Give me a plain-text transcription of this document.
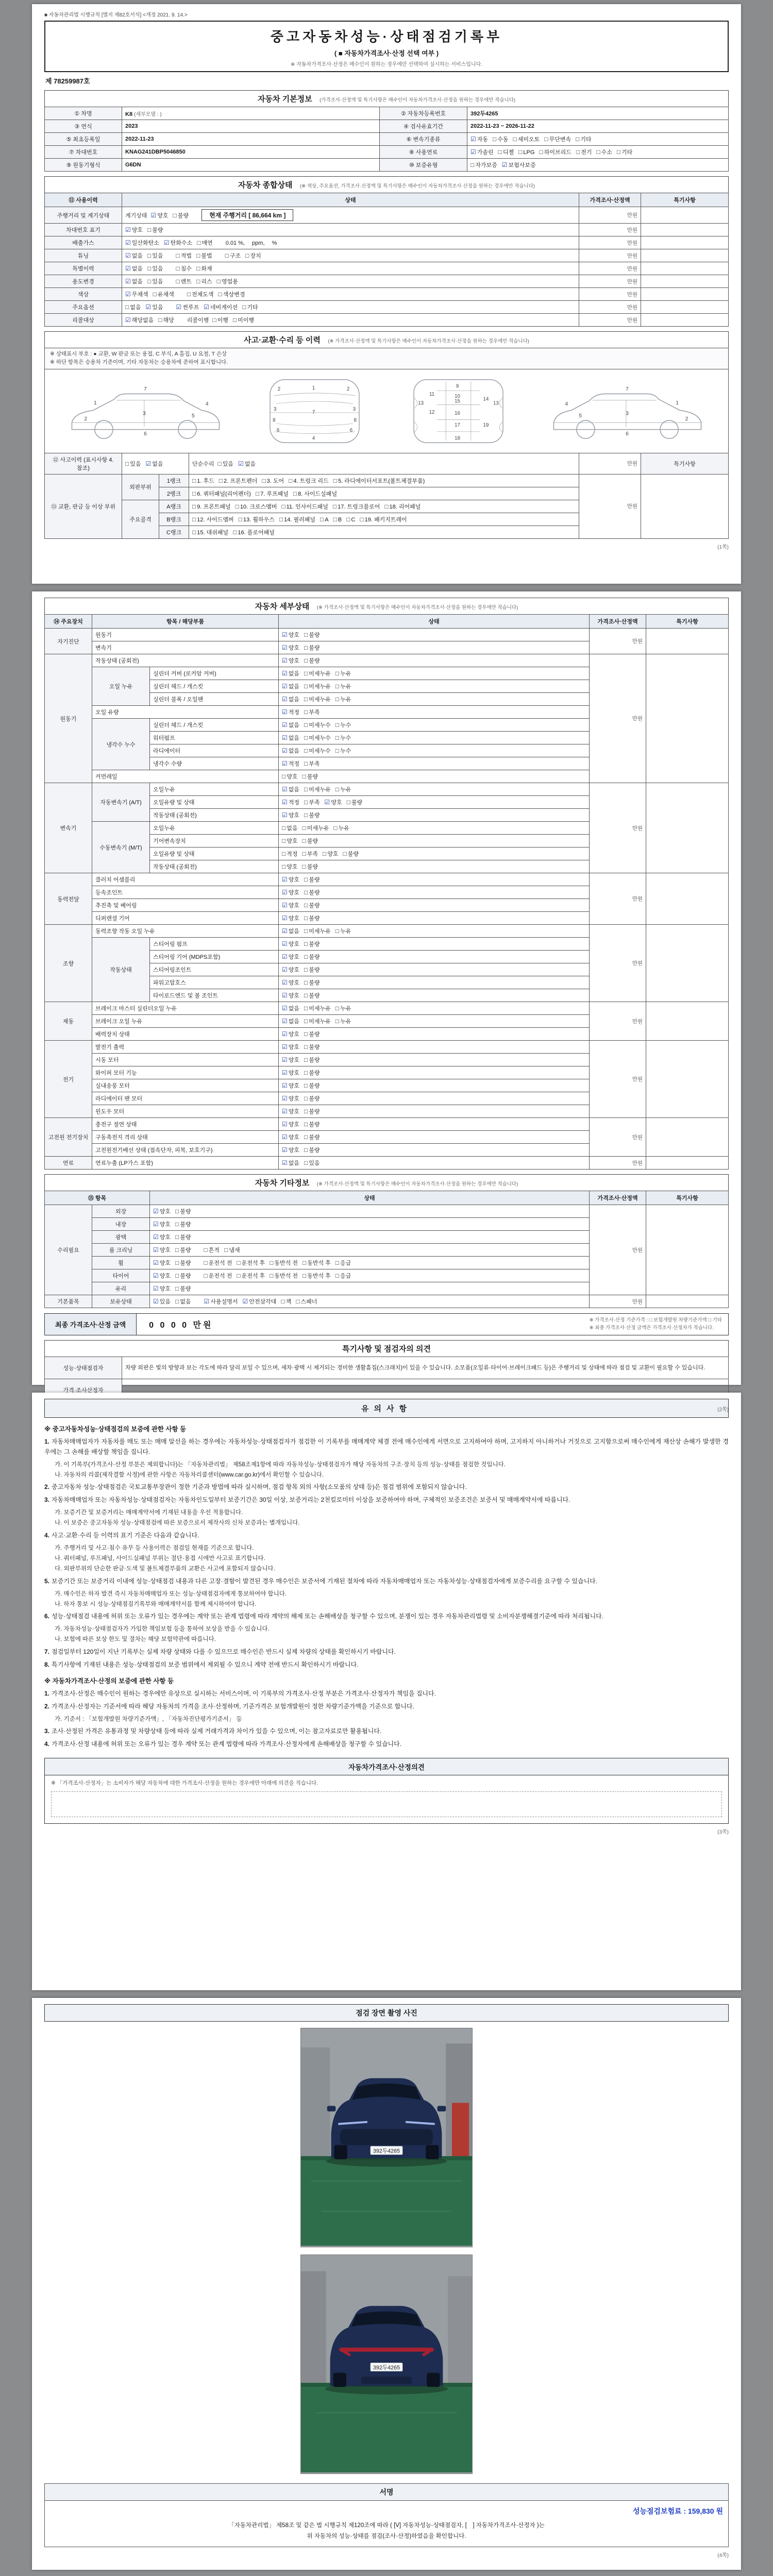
■ 자동차관리법 시행규칙 [별지 제82호서식] <개정 2021. 9. 14.>
중고자동차성능·상태점검기록부
( ■ 자동차가격조사·산정 선택 여부 )
※ 자동차가격조사·산정은 매수인이 원하는 경우에만 선택하여 실시하는 서비스입니다.
제 78259987호
자동차 기본정보 (가격조사·산정액 및 특기사항은 매수인이 자동차가격조사·산정을 원하는 경우에만 적습니다)
① 차명	K8 (세부모델 : )	② 자동차등록번호	392두4265
③ 연식	2023	④ 검사유효기간	2022-11-23 ~ 2026-11-22
⑤ 최초등록일	2022-11-23	⑥ 변속기종류	☑ 자동 □ 수동 □ 세미오토 □ 무단변속 □ 기타
⑦ 차대번호	KNAG241DBP5046850	⑧ 사용연료	☑ 가솔린 □ 디젤 □ LPG □ 하이브리드 □ 전기 □ 수소 □ 기타
⑨ 원동기형식	G6DN	⑩ 보증유형	□ 자가보증 ☑ 보험사보증
자동차 종합상태 (※ 색상, 주요옵션, 가격조사·산정액 및 특기사항은 매수인이 자동차가격조사·산정을 원하는 경우에만 적습니다)
⑪ 사용이력	상태	가격조사·산정액	특기사항
주행거리 및 계기상태	계기상태 ☑ 양호 □ 불량 현재 주행거리 [ 86,664 km ]	만원	
차대번호 표기	☑ 양호 □ 불량	만원	
배출가스	☑ 일산화탄소 ☑ 탄화수소 □ 매연 0.01 %,　 ppm,　 %	만원	
튜닝	☑ 없음 □ 있음 □ 적법 □ 불법 □ 구조 □ 장치	만원	
특별이력	☑ 없음 □ 있음 □ 침수 □ 화재	만원	
용도변경	☑ 없음 □ 있음 □ 렌트 □ 리스 □ 영업용	만원	
색상	☑ 무채색 □ 유채색 □ 전체도색 □ 색상변경	만원	
주요옵션	□ 없음 ☑ 있음 ☑ 썬루프 ☑ 네비게이션 □ 기타	만원	
리콜대상	☑ 해당없음 □ 해당 리콜이행 □ 이행 □ 미이행	만원	
사고·교환·수리 등 이력 (※ 가격조사·산정액 및 특기사항은 매수인이 자동차가격조사·산정을 원하는 경우에만 적습니다)
※ 상태표시 부호 : ● 교환, W 판금 또는 용접, C 부식, A 흠집, U 요철, T 손상
※ 하단 항목은 승용차 기준이며, 기타 자동차는 승용차에 준하여 표시합니다.
1
2
3
4
5
6
7	1
2	2
3	3
7
6	6
4
8	8
9
10
11
12
13	13
14
15
16
17
18
19
1
2
3
4
5
6
7
⑫ 사고이력 (표시사항 4. 참조)	□ 있음 ☑ 없음		단순수리 □ 있음 ☑ 없음	만원	특기사항
⑬ 교환, 판금 등 이상 부위	외판부위	1랭크	□ 1. 후드 □ 2. 프론트펜더 □ 3. 도어 □ 4. 트렁크 리드 □ 5. 라디에이터서포트(볼트체결부품)	만원	
		2랭크	□ 6. 쿼터패널(리어펜더) □ 7. 루프패널 □ 8. 사이드실패널		
	주요골격	A랭크	□ 9. 프론트패널 □ 10. 크로스멤버 □ 11. 인사이드패널 □ 17. 트렁크플로어 □ 18. 리어패널		
		B랭크	□ 12. 사이드멤버 □ 13. 휠하우스 □ 14. 필러패널 □ A □ B □ C □ 19. 패키지트레이		
		C랭크	□ 15. 대쉬패널 □ 16. 플로어패널		
(1쪽)
자동차 세부상태 (※ 가격조사·산정액 및 특기사항은 매수인이 자동차가격조사·산정을 원하는 경우에만 적습니다)
⑭ 주요장치	항목 / 해당부품		상태	가격조사·산정액	특기사항
자기진단	원동기		☑ 양호 □ 불량	만원	
	변속기		☑ 양호 □ 불량		
원동기	작동상태 (공회전)		☑ 양호 □ 불량	만원	
	오일 누유	실린더 커버 (로커암 커버)	☑ 없음 □ 미세누유 □ 누유		
		실린더 헤드 / 개스킷	☑ 없음 □ 미세누유 □ 누유		
		실린더 블록 / 오일팬	☑ 없음 □ 미세누유 □ 누유		
	오일 유량		☑ 적정 □ 부족		
	냉각수 누수	실린더 헤드 / 개스킷	☑ 없음 □ 미세누수 □ 누수		
		워터펌프	☑ 없음 □ 미세누수 □ 누수		
		라디에이터	☑ 없음 □ 미세누수 □ 누수		
		냉각수 수량	☑ 적정 □ 부족		
	커먼레일		□ 양호 □ 불량		
변속기	자동변속기 (A/T)	오일누유	☑ 없음 □ 미세누유 □ 누유	만원	
		오일유량 및 상태	☑ 적정 □ 부족 ☑ 양호 □ 불량		
		작동상태 (공회전)	☑ 양호 □ 불량		
	수동변속기 (M/T)	오일누유	□ 없음 □ 미세누유 □ 누유		
		기어변속장치	□ 양호 □ 불량		
		오일유량 및 상태	□ 적정 □ 부족 □ 양호 □ 불량		
		작동상태 (공회전)	□ 양호 □ 불량		
동력전달	클러치 어셈블리		☑ 양호 □ 불량	만원	
	등속조인트		☑ 양호 □ 불량		
	추진축 및 베어링		☑ 양호 □ 불량		
	디퍼렌셜 기어		☑ 양호 □ 불량		
조향	동력조향 작동 오일 누유		☑ 없음 □ 미세누유 □ 누유	만원	
	작동상태	스티어링 펌프	☑ 양호 □ 불량		
		스티어링 기어 (MDPS포함)	☑ 양호 □ 불량		
		스티어링조인트	☑ 양호 □ 불량		
		파워고압호스	☑ 양호 □ 불량		
		타이로드엔드 및 볼 조인트	☑ 양호 □ 불량		
제동	브레이크 마스터 실린더오일 누유		☑ 없음 □ 미세누유 □ 누유	만원	
	브레이크 오일 누유		☑ 없음 □ 미세누유 □ 누유		
	배력장치 상태		☑ 양호 □ 불량		
전기	발전기 출력		☑ 양호 □ 불량	만원	
	시동 모터		☑ 양호 □ 불량		
	와이퍼 모터 기능		☑ 양호 □ 불량		
	실내송풍 모터		☑ 양호 □ 불량		
	라디에이터 팬 모터		☑ 양호 □ 불량		
	윈도우 모터		☑ 양호 □ 불량		
고전원 전기장치	충전구 절연 상태		☑ 양호 □ 불량	만원	
	구동축전지 격리 상태		☑ 양호 □ 불량		
	고전원전기배선 상태 (접속단자, 피복, 보호기구)		☑ 양호 □ 불량		
연료	연료누출 (LP가스 포함)		☑ 없음 □ 있음	만원	
자동차 기타정보 (※ 가격조사·산정액 및 특기사항은 매수인이 자동차가격조사·산정을 원하는 경우에만 적습니다)
⑮ 항목		상태	가격조사·산정액	특기사항
수리필요	외장	☑ 양호 □ 불량	만원	
	내장	☑ 양호 □ 불량		
	광택	☑ 양호 □ 불량		
	룸 크리닝	☑ 양호 □ 불량 □ 흔적 □ 냄새		
	휠	☑ 양호 □ 불량 □ 운전석 전 □ 운전석 후 □ 동반석 전 □ 동반석 후 □ 응급		
	타이어	☑ 양호 □ 불량 □ 운전석 전 □ 운전석 후 □ 동반석 전 □ 동반석 후 □ 응급		
	유리	☑ 양호 □ 불량		
기본품목	보유상태	☑ 있음 □ 없음 ☑ 사용설명서 ☑ 안전삼각대 □ 잭 □ 스패너	만원	
최종 가격조사·산정 금액	0 0 0 0 만원
※ 가격조사·산정 기준가격 : □ 보험개발원 차량기준가액 □ 기타
※ 최종 가격조사·산정 금액은 가격조사·산정자가 적습니다.
특기사항 및 점검자의 의견
성능·상태점검자	차량 외판은 빛의 방향과 보는 각도에 따라 달리 보일 수 있으며, 세차·광택 시 제거되는 경미한 생활흠집(스크래치)이 있을 수 있습니다. 소모품(오일류·타이어·브레이크패드 등)은 주행거리 및 상태에 따라 점검 및 교환이 필요할 수 있습니다.
가격·조사산정자	
(2쪽)
유의사항
※ 중고자동차성능·상태점검의 보증에 관한 사항 등
1. 자동차매매업자가 자동차를 매도 또는 매매 알선을 하는 경우에는 자동차성능·상태점검자가 점검한 이 기록부를 매매계약 체결 전에 매수인에게 서면으로 고지하여야 하며, 고지하지 아니하거나 거짓으로 고지함으로써 매수인에게 재산상 손해가 발생한 경우에는 그 손해를 배상할 책임을 집니다.
가. 이 기록부(가격조사·산정 부분은 제외합니다)는 「자동차관리법」 제58조제1항에 따라 자동차성능·상태점검자가 해당 자동차의 구조·장치 등의 성능·상태를 점검한 것입니다.
나. 자동차의 리콜(제작결함 시정)에 관한 사항은 자동차리콜센터(www.car.go.kr)에서 확인할 수 있습니다.
2. 중고자동차 성능·상태점검은 국토교통부장관이 정한 기준과 방법에 따라 실시하며, 점검 항목 외의 사항(소모품의 상태 등)은 점검 범위에 포함되지 않습니다.
3. 자동차매매업자 또는 자동차성능·상태점검자는 자동차인도일부터 보증기간은 30일 이상, 보증거리는 2천킬로미터 이상을 보증하여야 하며, 구체적인 보증조건은 보증서 및 매매계약서에 따릅니다.
가. 보증기간 및 보증거리는 매매계약서에 기재된 내용을 우선 적용합니다.
나. 이 보증은 중고자동차 성능·상태점검에 따른 보증으로서 제작사의 신차 보증과는 별개입니다.
4. 사고·교환·수리 등 이력의 표기 기준은 다음과 같습니다.
가. 주행거리 및 사고·침수 유무 등 사용이력은 점검일 현재를 기준으로 합니다.
나. 쿼터패널, 루프패널, 사이드실패널 부위는 절단·용접 시에만 사고로 표기합니다.
다. 외판부위의 단순한 판금·도색 및 볼트체결부품의 교환은 사고에 포함되지 않습니다.
5. 보증기간 또는 보증거리 이내에 성능·상태점검 내용과 다른 고장·결함이 발견된 경우 매수인은 보증서에 기재된 절차에 따라 자동차매매업자 또는 자동차성능·상태점검자에게 보증수리를 요구할 수 있습니다.
가. 매수인은 하자 발견 즉시 자동차매매업자 또는 성능·상태점검자에게 통보하여야 합니다.
나. 하자 통보 시 성능·상태점검기록부와 매매계약서를 함께 제시하여야 합니다.
6. 성능·상태점검 내용에 허위 또는 오류가 있는 경우에는 계약 또는 관계 법령에 따라 계약의 해제 또는 손해배상을 청구할 수 있으며, 분쟁이 있는 경우 자동차관리법령 및 소비자분쟁해결기준에 따라 처리됩니다.
가. 자동차성능·상태점검자가 가입한 책임보험 등을 통하여 보상을 받을 수 있습니다.
나. 보험에 따른 보상 한도 및 절차는 해당 보험약관에 따릅니다.
7. 점검일부터 120일이 지난 기록부는 실제 차량 상태와 다를 수 있으므로 매수인은 반드시 실제 차량의 상태를 확인하시기 바랍니다.
8. 특기사항에 기재된 내용은 성능·상태점검의 보증 범위에서 제외될 수 있으니 계약 전에 반드시 확인하시기 바랍니다.
※ 자동차가격조사·산정의 보증에 관한 사항 등
1. 가격조사·산정은 매수인이 원하는 경우에만 유상으로 실시하는 서비스이며, 이 기록부의 가격조사·산정 부분은 가격조사·산정자가 책임을 집니다.
2. 가격조사·산정자는 기준서에 따라 해당 자동차의 가격을 조사·산정하며, 기준가격은 보험개발원이 정한 차량기준가액을 기준으로 합니다.
가. 기준서 : 「보험개발원 차량기준가액」, 「자동차진단평가기준서」 등
3. 조사·산정된 가격은 유통과정 및 차량상태 등에 따라 실제 거래가격과 차이가 있을 수 있으며, 이는 참고자료로만 활용됩니다.
4. 가격조사·산정 내용에 허위 또는 오류가 있는 경우 계약 또는 관계 법령에 따라 가격조사·산정자에게 손해배상을 청구할 수 있습니다.
자동차가격조사·산정의견
※ 「가격조사·산정자」는 소비자가 해당 자동차에 대한 가격조사·산정을 원하는 경우에만 아래에 의견을 적습니다.
(3쪽)
점검 장면 촬영 사진
392두4265
392두4265
서명
성능점검보험료 : 159,830 원
「자동차관리법」 제58조 및 같은 법 시행규칙 제120조에 따라 ( [V] 자동차성능·상태점검자, [　] 자동차가격조사·산정자 )는
위 자동차의 성능·상태를 점검(조사·산정)하였음을 확인합니다.
(4쪽)
